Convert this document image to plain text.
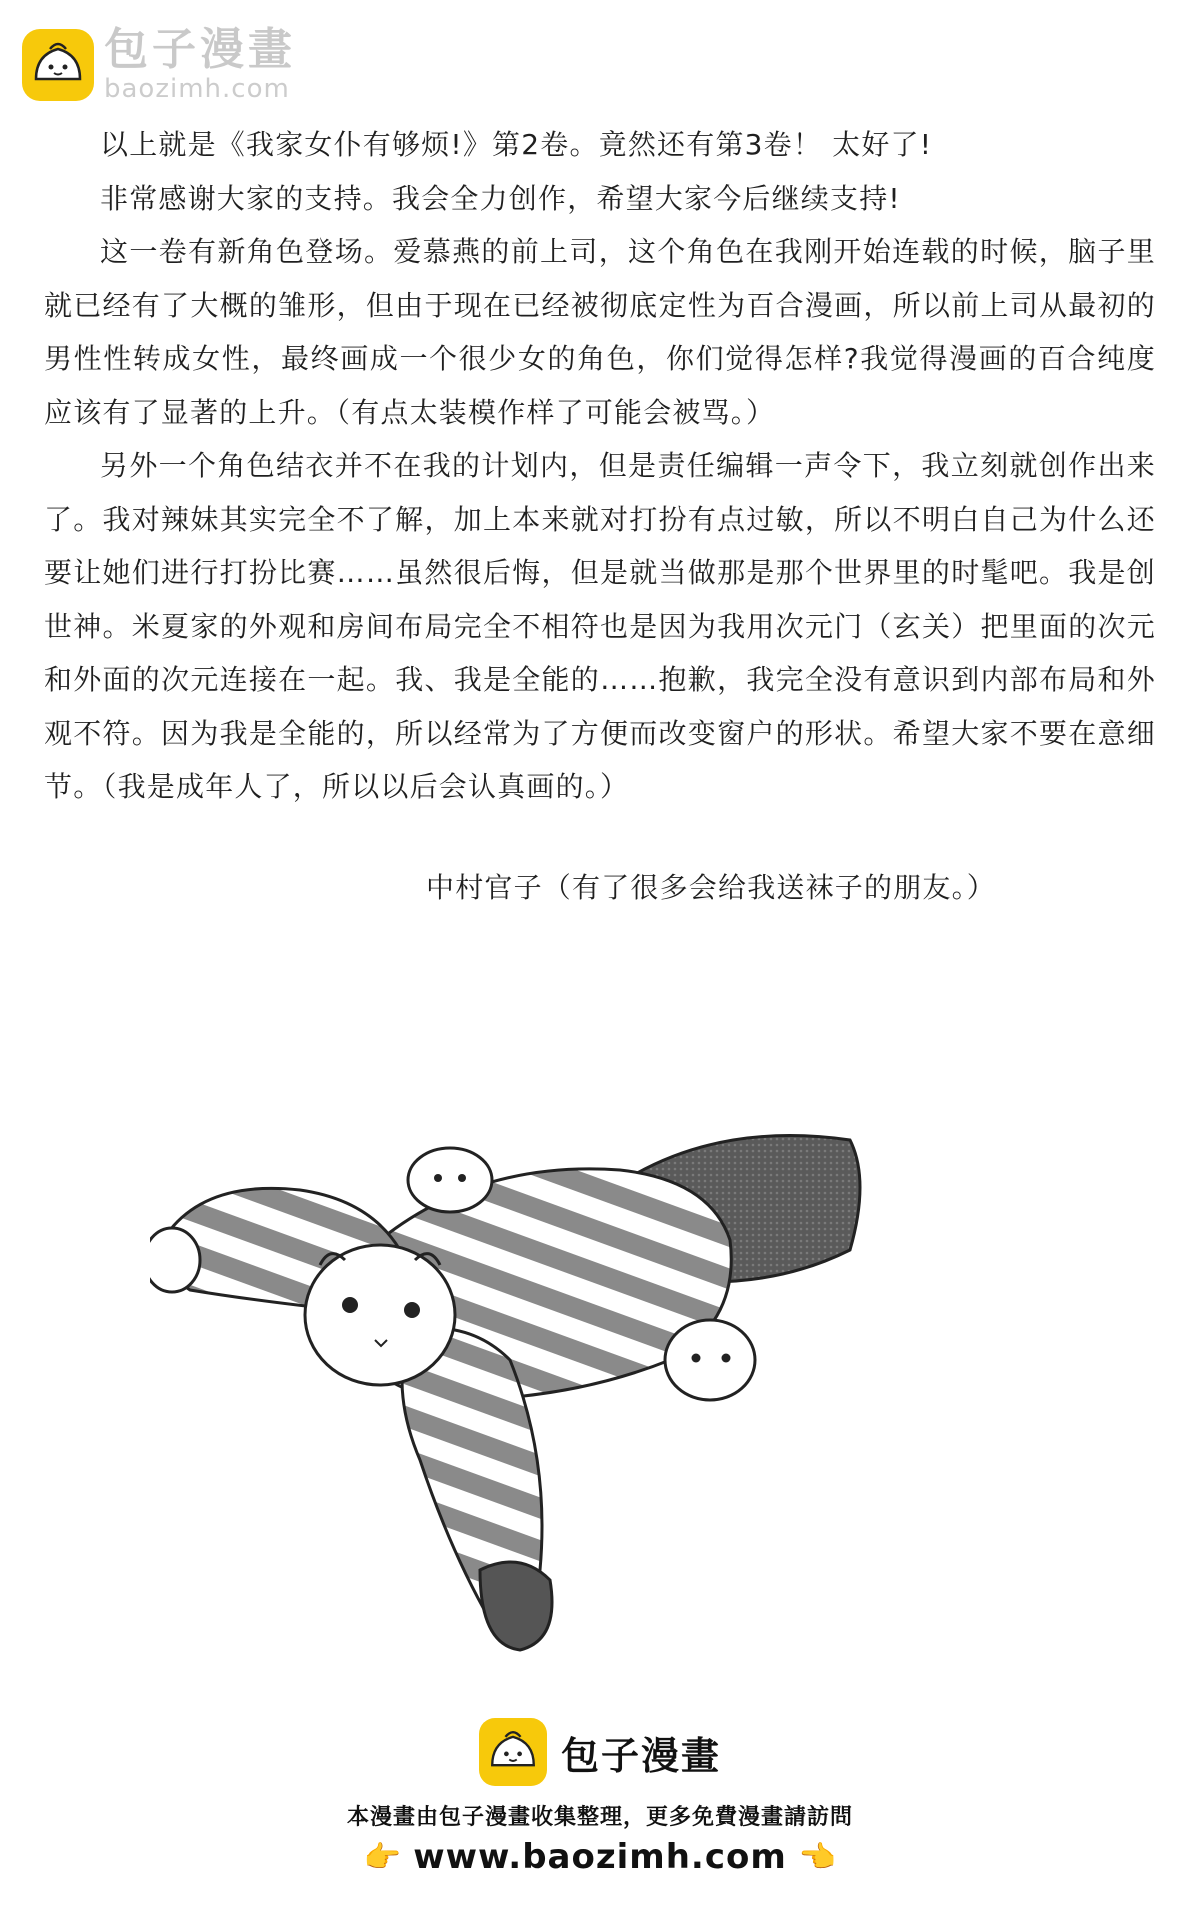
包子漫畫
baozimh.com

以上就是《我家女仆有够烦!》第2卷。竟然还有第3卷！ 太好了!

非常感谢大家的支持。我会全力创作，希望大家今后继续支持!

这一卷有新角色登场。爱慕燕的前上司，这个角色在我刚开始连载的时候，脑子里就已经有了大概的雏形，但由于现在已经被彻底定性为百合漫画，所以前上司从最初的男性性转成女性，最终画成一个很少女的角色，你们觉得怎样?我觉得漫画的百合纯度应该有了显著的上升。（有点太装模作样了可能会被骂。）

另外一个角色结衣并不在我的计划内，但是责任编辑一声令下，我立刻就创作出来了。我对辣妹其实完全不了解，加上本来就对打扮有点过敏，所以不明白自己为什么还要让她们进行打扮比赛……虽然很后悔，但是就当做那是那个世界里的时髦吧。我是创世神。米夏家的外观和房间布局完全不相符也是因为我用次元门（玄关）把里面的次元和外面的次元连接在一起。我、我是全能的……抱歉，我完全没有意识到内部布局和外观不符。因为我是全能的，所以经常为了方便而改变窗户的形状。希望大家不要在意细节。（我是成年人了，所以以后会认真画的。）

中村官子（有了很多会给我送袜子的朋友。）
包子漫畫
本漫畫由包子漫畫收集整理，更多免費漫畫請訪問
👉 www.baozimh.com 👈
